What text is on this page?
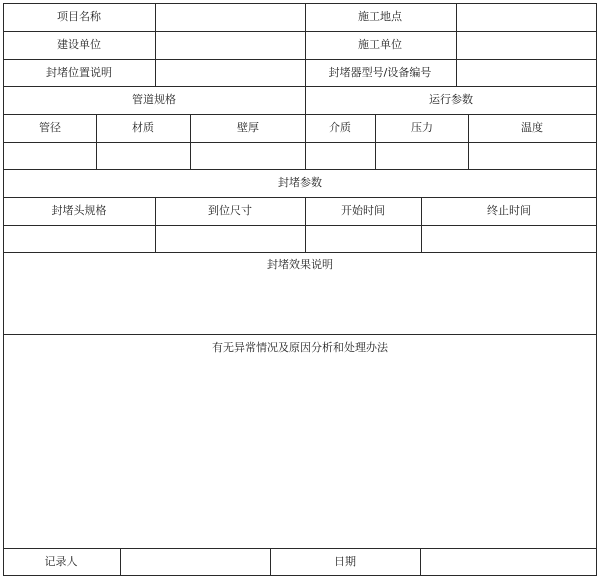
项目名称	施工地点
建设单位	施工单位
封堵位置说明	封堵器型号/设备编号
管道规格	运行参数
管径	材质	壁厚	介质	压力	温度
封堵参数
封堵头规格	到位尺寸	开始时间	终止时间
封堵效果说明
有无异常情况及原因分析和处理办法
记录人	日期
